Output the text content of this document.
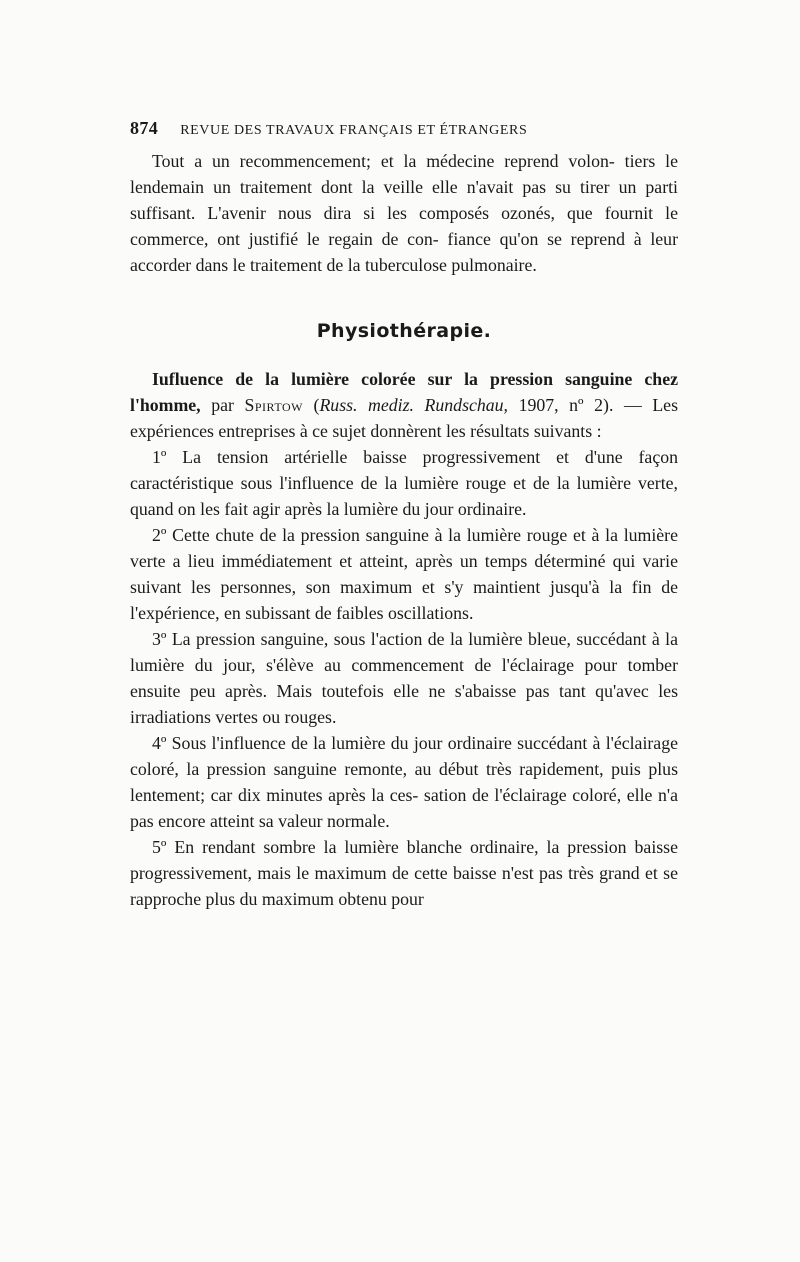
874 REVUE DES TRAVAUX FRANÇAIS ET ÉTRANGERS

Tout a un recommencement; et la médecine reprend volon- tiers le lendemain un traitement dont la veille elle n'avait pas su tirer un parti suffisant. L'avenir nous dira si les composés ozonés, que fournit le commerce, ont justifié le regain de con- fiance qu'on se reprend à leur accorder dans le traitement de la tuberculose pulmonaire.

Physiothérapie.

Iufluence de la lumière colorée sur la pression sanguine chez l'homme, par Spirtow (Russ. mediz. Rundschau, 1907, nº 2). — Les expériences entreprises à ce sujet donnèrent les résultats suivants :

1º La tension artérielle baisse progressivement et d'une façon caractéristique sous l'influence de la lumière rouge et de la lumière verte, quand on les fait agir après la lumière du jour ordinaire.

2º Cette chute de la pression sanguine à la lumière rouge et à la lumière verte a lieu immédiatement et atteint, après un temps déterminé qui varie suivant les personnes, son maximum et s'y maintient jusqu'à la fin de l'expérience, en subissant de faibles oscillations.

3º La pression sanguine, sous l'action de la lumière bleue, succédant à la lumière du jour, s'élève au commencement de l'éclairage pour tomber ensuite peu après. Mais toutefois elle ne s'abaisse pas tant qu'avec les irradiations vertes ou rouges.

4º Sous l'influence de la lumière du jour ordinaire succédant à l'éclairage coloré, la pression sanguine remonte, au début très rapidement, puis plus lentement; car dix minutes après la ces- sation de l'éclairage coloré, elle n'a pas encore atteint sa valeur normale.

5º En rendant sombre la lumière blanche ordinaire, la pression baisse progressivement, mais le maximum de cette baisse n'est pas très grand et se rapproche plus du maximum obtenu pour
